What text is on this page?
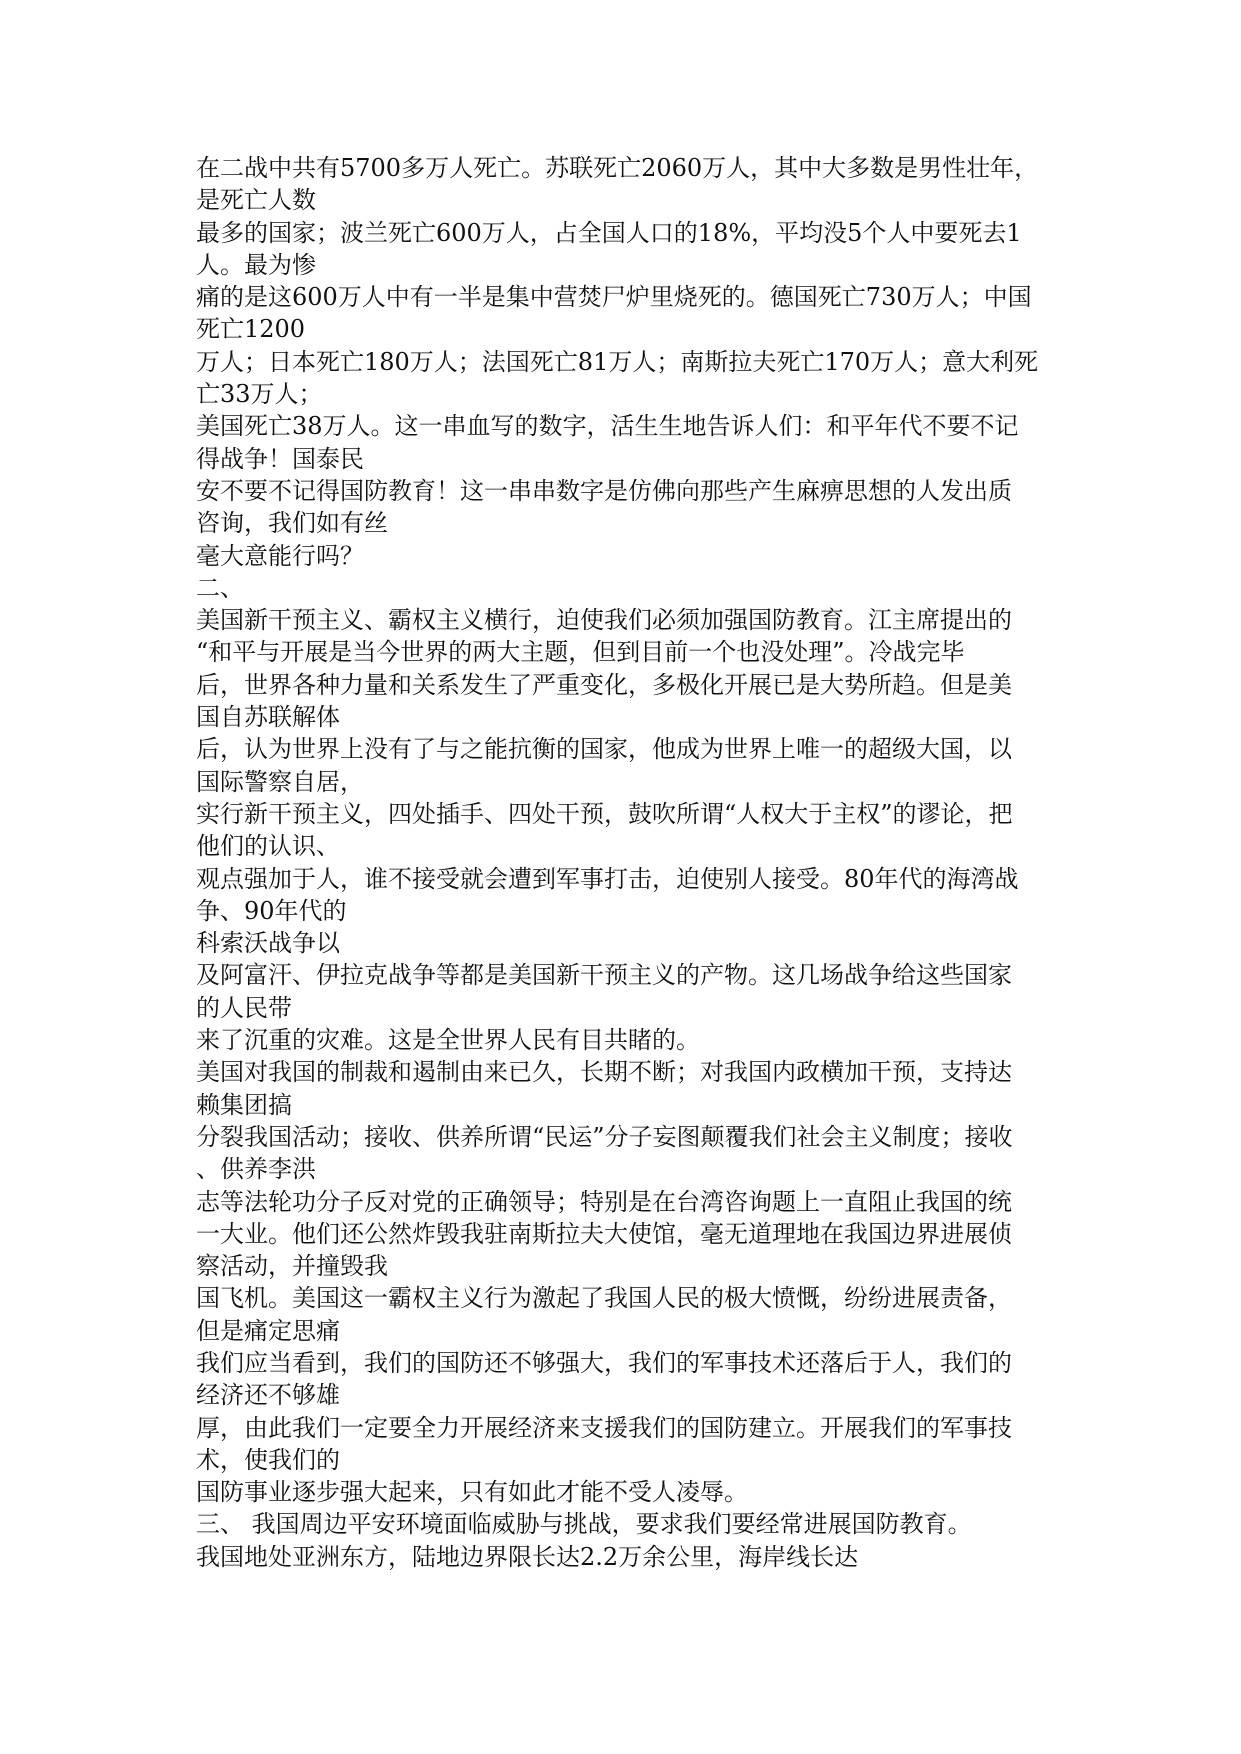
在二战中共有5700多万人死亡。苏联死亡2060万人，其中大多数是男性壮年，
是死亡人数
最多的国家；波兰死亡600万人，占全国人口的18%，平均没5个人中要死去1
人。最为惨
痛的是这600万人中有一半是集中营焚尸炉里烧死的。德国死亡730万人；中国
死亡1200
万人；日本死亡180万人；法国死亡81万人；南斯拉夫死亡170万人；意大利死
亡33万人；
美国死亡38万人。这一串血写的数字，活生生地告诉人们：和平年代不要不记
得战争！国泰民
安不要不记得国防教育！这一串串数字是仿佛向那些产生麻痹思想的人发出质
咨询，我们如有丝
毫大意能行吗？
二、
美国新干预主义、霸权主义横行，迫使我们必须加强国防教育。江主席提出的
“和平与开展是当今世界的两大主题，但到目前一个也没处理”。冷战完毕
后，世界各种力量和关系发生了严重变化，多极化开展已是大势所趋。但是美
国自苏联解体
后，认为世界上没有了与之能抗衡的国家，他成为世界上唯一的超级大国，以
国际警察自居，
实行新干预主义，四处插手、四处干预，鼓吹所谓“人权大于主权”的谬论，把
他们的认识、
观点强加于人，谁不接受就会遭到军事打击，迫使别人接受。80年代的海湾战
争、90年代的
科索沃战争以
及阿富汗、伊拉克战争等都是美国新干预主义的产物。这几场战争给这些国家
的人民带
来了沉重的灾难。这是全世界人民有目共睹的。
美国对我国的制裁和遏制由来已久，长期不断；对我国内政横加干预，支持达
赖集团搞
分裂我国活动；接收、供养所谓“民运”分子妄图颠覆我们社会主义制度；接收
、供养李洪
志等法轮功分子反对党的正确领导；特别是在台湾咨询题上一直阻止我国的统
一大业。他们还公然炸毁我驻南斯拉夫大使馆，毫无道理地在我国边界进展侦
察活动，并撞毁我
国飞机。美国这一霸权主义行为激起了我国人民的极大愤慨，纷纷进展责备，
但是痛定思痛
我们应当看到，我们的国防还不够强大，我们的军事技术还落后于人，我们的
经济还不够雄
厚，由此我们一定要全力开展经济来支援我们的国防建立。开展我们的军事技
术，使我们的
国防事业逐步强大起来，只有如此才能不受人凌辱。
三、 我国周边平安环境面临威胁与挑战，要求我们要经常进展国防教育。
我国地处亚洲东方，陆地边界限长达2.2万余公里，海岸线长达
